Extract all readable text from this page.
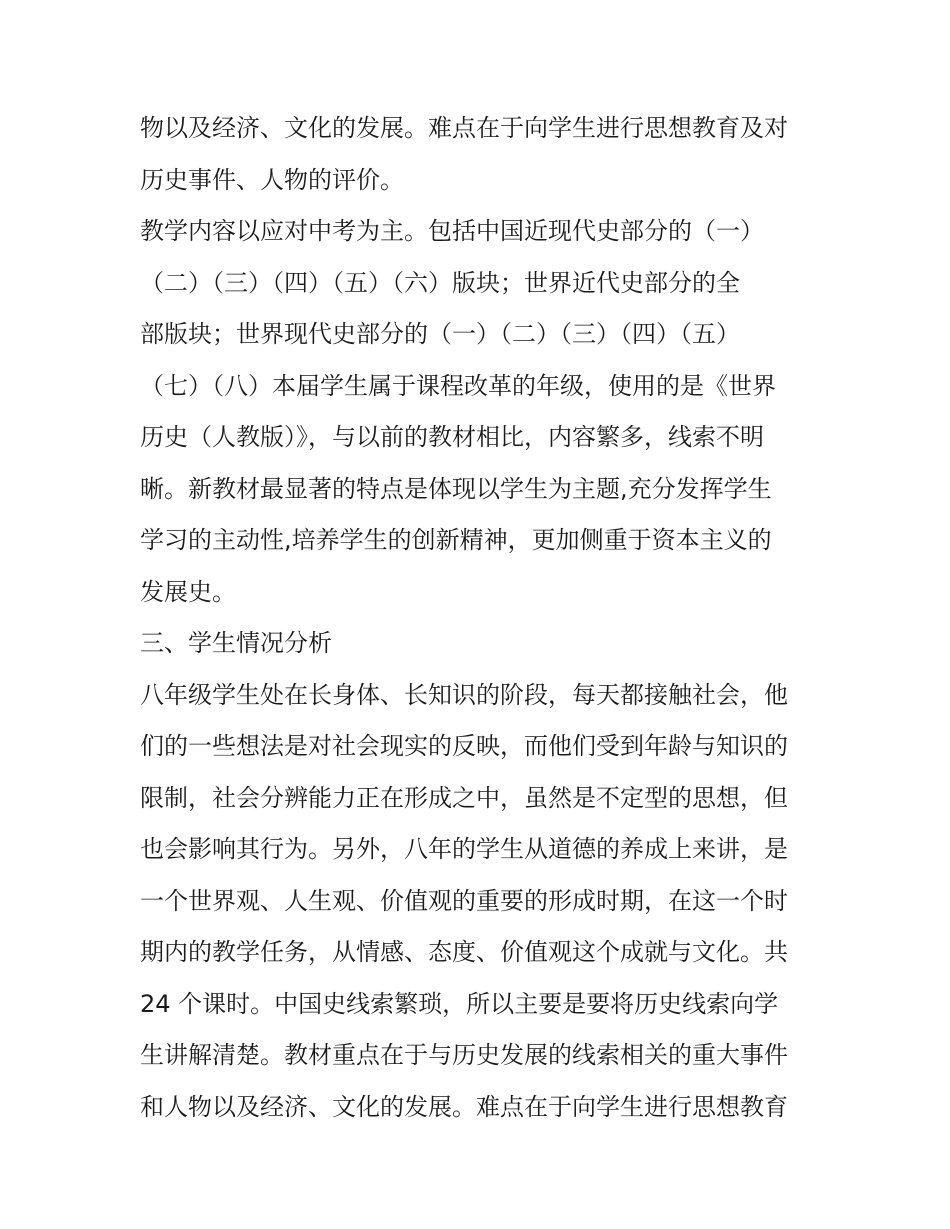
物以及经济、文化的发展。难点在于向学生进行思想教育及对
历史事件、人物的评价。
教学内容以应对中考为主。包括中国近现代史部分的（一）
（二）（三）（四）（五）（六）版块；世界近代史部分的全
部版块；世界现代史部分的（一）（二）（三）（四）（五）
（七）（八）本届学生属于课程改革的年级，使用的是《世界
历史（人教版）》，与以前的教材相比，内容繁多，线索不明
晰。新教材最显著的特点是体现以学生为主题,充分发挥学生
学习的主动性,培养学生的创新精神，更加侧重于资本主义的
发展史。
三、学生情况分析
八年级学生处在长身体、长知识的阶段，每天都接触社会，他
们的一些想法是对社会现实的反映，而他们受到年龄与知识的
限制，社会分辨能力正在形成之中，虽然是不定型的思想，但
也会影响其行为。另外，八年的学生从道德的养成上来讲，是
一个世界观、人生观、价值观的重要的形成时期，在这一个时
期内的教学任务，从情感、态度、价值观这个成就与文化。共
24 个课时。中国史线索繁琐，所以主要是要将历史线索向学
生讲解清楚。教材重点在于与历史发展的线索相关的重大事件
和人物以及经济、文化的发展。难点在于向学生进行思想教育
